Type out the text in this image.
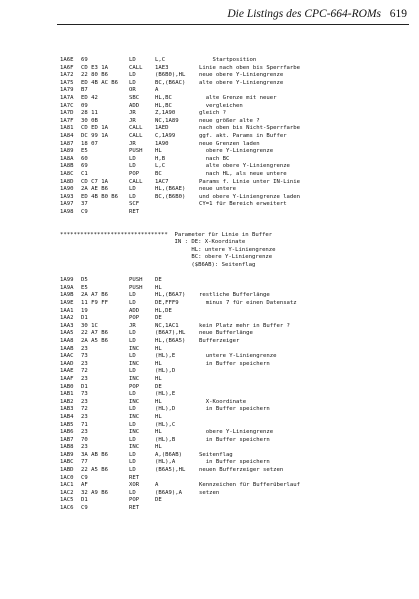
Die Listings des CPC-664-ROMs 619
1A6E 69	LD	L,C	Startposition
1A6F CD E3 1A	CALL 1AE3	Linie nach oben bis Sperrfarbe
1A72 22 80 B6	LD	(B6B0),HL neue obere Y-Liniengrenze
1A75 ED 4B AC B6 LD	BC,(B6AC) alte obere Y-Liniengrenze
1A79 B7	OR	A
1A7A ED 42	SBC	HL,BC	alte Grenze mit neuer
1A7C 09	ADD	HL,BC	vergleichen
1A7D 28 11	JR	Z,1A90	gleich ?
1A7F 30 0B	JR	NC,1A89	neue größer alte ?
1A81 CD ED 1A	CALL 1AED	nach oben bis Nicht-Sperrfarbe
1A84 DC 99 1A	CALL C,1A99	ggf. akt. Params in Buffer
1A87 18 07	JR	1A90	neue Grenzen laden
1A89 E5	PUSH HL	obere Y-Liniengrenze
1A8A 60	LD	H,B	nach BC
1A8B 69	LD	L,C	alte obere Y-Liniengrenze
1A8C C1	POP	BC	nach HL, als neue untere
1A8D CD C7 1A	CALL 1AC7	Params f. Linie unter IN-Linie
1A90 2A AE B6	LD	HL,(B6AE) neue untere
1A93 ED 4B B0 B6 LD	BC,(B6B0) und obere Y-Liniengrenze laden
1A97 37	SCF	CY=1 für Bereich erweitert
1A98 C9	RET
********************************  Parameter für Linie in Buffer
IN : DE: X-Koordinate
HL: untere Y-Liniengrenze
BC: obere Y-Liniengrenze
($B6AB): Seitenflag
1A99 D5	PUSH DE
1A9A E5	PUSH HL
1A9B 2A A7 B6	LD	HL,(B6A7) restliche Bufferlänge
1A9E 11 F9 FF	LD	DE,FFF9	minus 7 für einen Datensatz
1AA1 19	ADD	HL,DE
1AA2 D1	POP	DE
1AA3 30 1C	JR	NC,1AC1	kein Platz mehr in Buffer ?
1AA5 22 A7 B6	LD	(B6A7),HL neue Bufferlänge
1AA8 2A A5 B6	LD	HL,(B6A5) Bufferzeiger
1AAB 23	INC	HL
1AAC 73	LD	(HL),E	untere Y-Liniengrenze
1AAD 23	INC	HL	in Buffer speichern
1AAE 72	LD	(HL),D
1AAF 23	INC	HL
1AB0 D1	POP	DE
1AB1 73	LD	(HL),E
1AB2 23	INC	HL	X-Koordinate
1AB3 72	LD	(HL),D	in Buffer speichern
1AB4 23	INC	HL
1AB5 71	LD	(HL),C
1AB6 23	INC	HL	obere Y-Liniengrenze
1AB7 70	LD	(HL),B	in Buffer speichern
1AB8 23	INC	HL
1AB9 3A AB B6	LD	A,(B6AB)	Seitenflag
1ABC 77	LD	(HL),A	in Buffer speichern
1ABD 22 A5 B6	LD	(B6A5),HL neuen Bufferzeiger setzen
1AC0 C9	RET
1AC1 AF	XOR	A	Kennzeichen für Bufferüberlauf
1AC2 32 A9 B6	LD	(B6A9),A	setzen
1AC5 D1	POP	DE
1AC6 C9	RET
